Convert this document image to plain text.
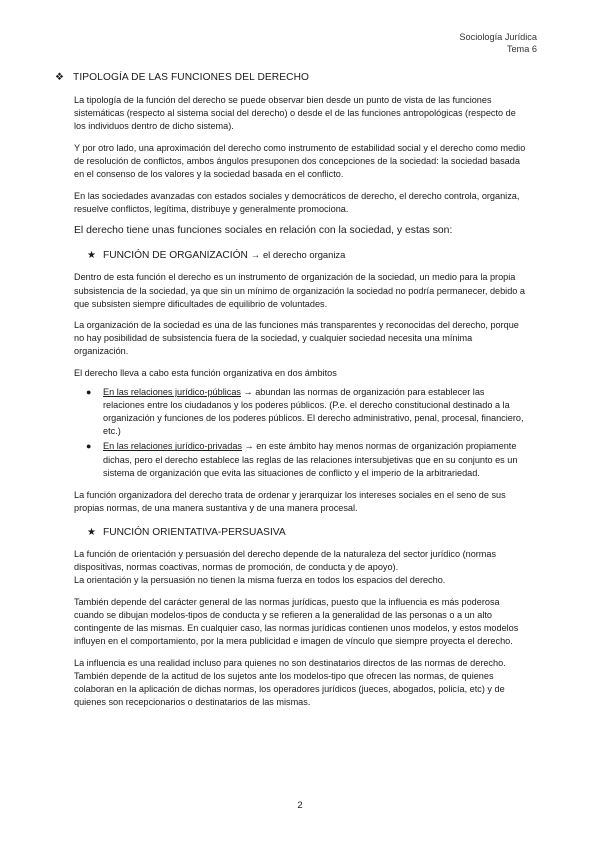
Sociología Jurídica
Tema 6
❖ TIPOLOGÍA DE LAS FUNCIONES DEL DERECHO

La tipología de la función del derecho se puede observar bien desde un punto de vista de las funciones sistemáticas (respecto al sistema social del derecho) o desde el de las funciones antropológicas (respecto de los individuos dentro de dicho sistema).

Y por otro lado, una aproximación del derecho como instrumento de estabilidad social y el derecho como medio de resolución de conflictos, ambos ángulos presuponen dos concepciones de la sociedad: la sociedad basada en el consenso de los valores y la sociedad basada en el conflicto.

En las sociedades avanzadas con estados sociales y democráticos de derecho, el derecho controla, organiza, resuelve conflictos, legítima, distribuye y generalmente promociona.

El derecho tiene unas funciones sociales en relación con la sociedad, y estas son:

★ FUNCIÓN DE ORGANIZACIÓN → el derecho organiza

Dentro de esta función el derecho es un instrumento de organización de la sociedad, un medio para la propia subsistencia de la sociedad, ya que sin un mínimo de organización la sociedad no podría permanecer, debido a que subsisten siempre dificultades de equilibrio de voluntades.

La organización de la sociedad es una de las funciones más transparentes y reconocidas del derecho, porque no hay posibilidad de subsistencia fuera de la sociedad, y cualquier sociedad necesita una mínima organización.

El derecho lleva a cabo esta función organizativa en dos ámbitos

● En las relaciones jurídico-públicas → abundan las normas de organización para establecer las relaciones entre los ciudadanos y los poderes públicos. (P.e. el derecho constitucional destinado a la organización y funciones de los poderes públicos. El derecho administrativo, penal, procesal, financiero, etc.)
● En las relaciones jurídico-privadas → en este ámbito hay menos normas de organización propiamente dichas, pero el derecho establece las reglas de las relaciones intersubjetivas que en su conjunto es un sistema de organización que evita las situaciones de conflicto y el imperio de la arbitrariedad.

La función organizadora del derecho trata de ordenar y jerarquizar los intereses sociales en el seno de sus propias normas, de una manera sustantiva y de una manera procesal.

★ FUNCIÓN ORIENTATIVA-PERSUASIVA

La función de orientación y persuasión del derecho depende de la naturaleza del sector jurídico (normas dispositivas, normas coactivas, normas de promoción, de conducta y de apoyo).
La orientación y la persuasión no tienen la misma fuerza en todos los espacios del derecho.

También depende del carácter general de las normas jurídicas, puesto que la influencia es más poderosa cuando se dibujan modelos-tipos de conducta y se refieren a la generalidad de las personas o a un alto contingente de las mismas. En cualquier caso, las normas jurídicas contienen unos modelos, y estos modelos influyen en el comportamiento, por la mera publicidad e imagen de vínculo que siempre proyecta el derecho.

La influencia es una realidad incluso para quienes no son destinatarios directos de las normas de derecho. También depende de la actitud de los sujetos ante los modelos-tipo que ofrecen las normas, de quienes colaboran en la aplicación de dichas normas, los operadores jurídicos (jueces, abogados, policía, etc) y de quienes son recepcionarios o destinatarios de las mismas.

2
